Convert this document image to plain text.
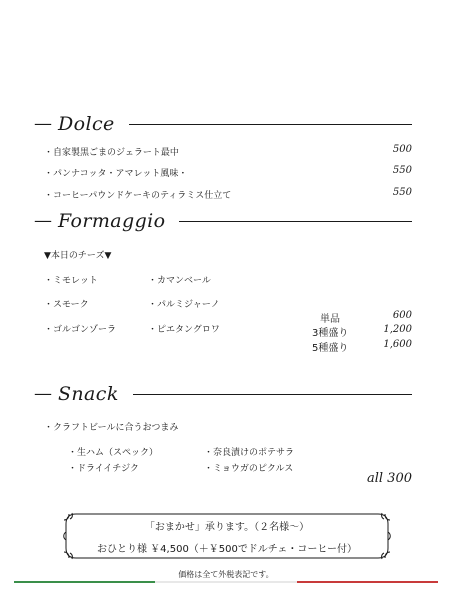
— Dolce
・自家製黒ごまのジェラート最中	500
・パンナコッタ・アマレット風味・	550
・コーヒーパウンドケーキのティラミス仕立て	550
— Formaggio
▼本日のチーズ▼
・ミモレット	・カマンベール
・スモーク	・パルミジャーノ
・ゴルゴンゾーラ	・ピエタングロワ
単品	600
3種盛り	1,200
5種盛り	1,600
— Snack
・クラフトビールに合うおつまみ
・生ハム（スペック）	・奈良漬けのポテサラ
・ドライイチジク	・ミョウガのピクルス
all 300
「おまかせ」承ります。（２名様〜）
おひとり様 ￥4,500（＋￥500でドルチェ・コーヒー付）
価格は全て外税表記です。
